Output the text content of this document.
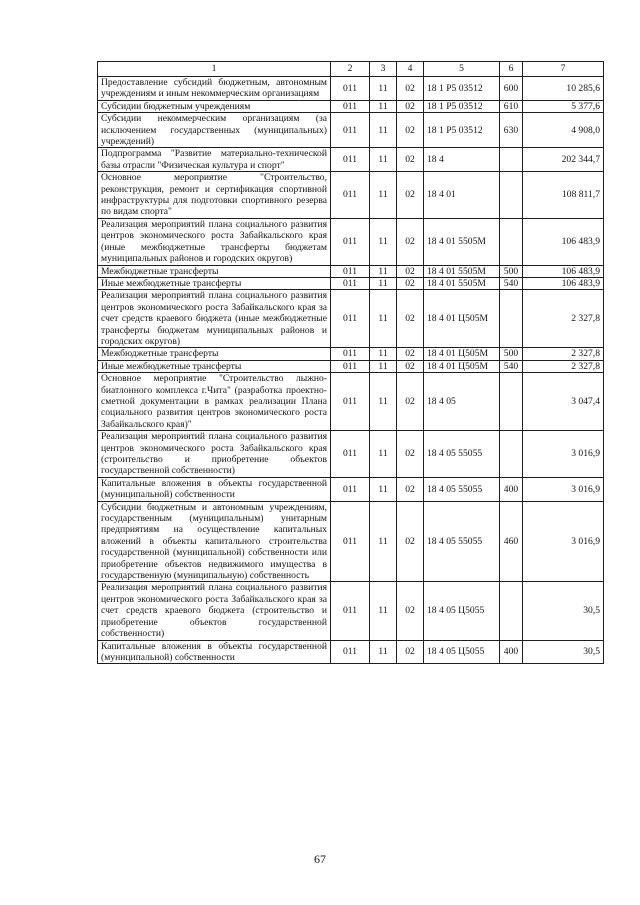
1	2	3	4	5	6	7
Предоставление субсидий бюджетным, автономным учреждениям и иным некоммерческим организациям	011	11	02	18 1 P5 03512	600	10 285,6
Субсидии бюджетным учреждениям	011	11	02	18 1 P5 03512	610	5 377,6
Субсидии некоммерческим организациям (за исключением государственных (муниципальных) учреждений)	011	11	02	18 1 P5 03512	630	4 908,0
Подпрограмма "Развитие материально-технической базы отрасли "Физическая культура и спорт"	011	11	02	18 4		202 344,7
Основное мероприятие "Строительство, реконструкция, ремонт и сертификация спортивной инфраструктуры для подготовки спортивного резерва по видам спорта"	011	11	02	18 4 01		108 811,7
Реализация мероприятий плана социального развития центров экономического роста Забайкальского края (иные межбюджетные трансферты бюджетам муниципальных районов и городских округов)	011	11	02	18 4 01 5505M		106 483,9
Межбюджетные трансферты	011	11	02	18 4 01 5505M	500	106 483,9
Иные межбюджетные трансферты	011	11	02	18 4 01 5505M	540	106 483,9
Реализация мероприятий плана социального развития центров экономического роста Забайкальского края за счет средств краевого бюджета (иные межбюджетные трансферты бюджетам муниципальных районов и городских округов)	011	11	02	18 4 01 Ц505M		2 327,8
Межбюджетные трансферты	011	11	02	18 4 01 Ц505M	500	2 327,8
Иные межбюджетные трансферты	011	11	02	18 4 01 Ц505M	540	2 327,8
Основное мероприятие "Строительство лыжно-биатлонного комплекса г.Чита" (разработка проектно-сметной документации в рамках реализации Плана социального развития центров экономического роста Забайкальского края)"	011	11	02	18 4 05		3 047,4
Реализация мероприятий плана социального развития центров экономического роста Забайкальского края (строительство и приобретение объектов государственной собственности)	011	11	02	18 4 05 55055		3 016,9
Капитальные вложения в объекты государственной (муниципальной) собственности	011	11	02	18 4 05 55055	400	3 016,9
Субсидии бюджетным и автономным учреждениям, государственным (муниципальным) унитарным предприятиям на осуществление капитальных вложений в объекты капитального строительства государственной (муниципальной) собственности или приобретение объектов недвижимого имущества в государственную (муниципальную) собственность	011	11	02	18 4 05 55055	460	3 016,9
Реализация мероприятий плана социального развития центров экономического роста Забайкальского края за счет средств краевого бюджета (строительство и приобретение объектов государственной собственности)	011	11	02	18 4 05 Ц5055		30,5
Капитальные вложения в объекты государственной (муниципальной) собственности	011	11	02	18 4 05 Ц5055	400	30,5
67
